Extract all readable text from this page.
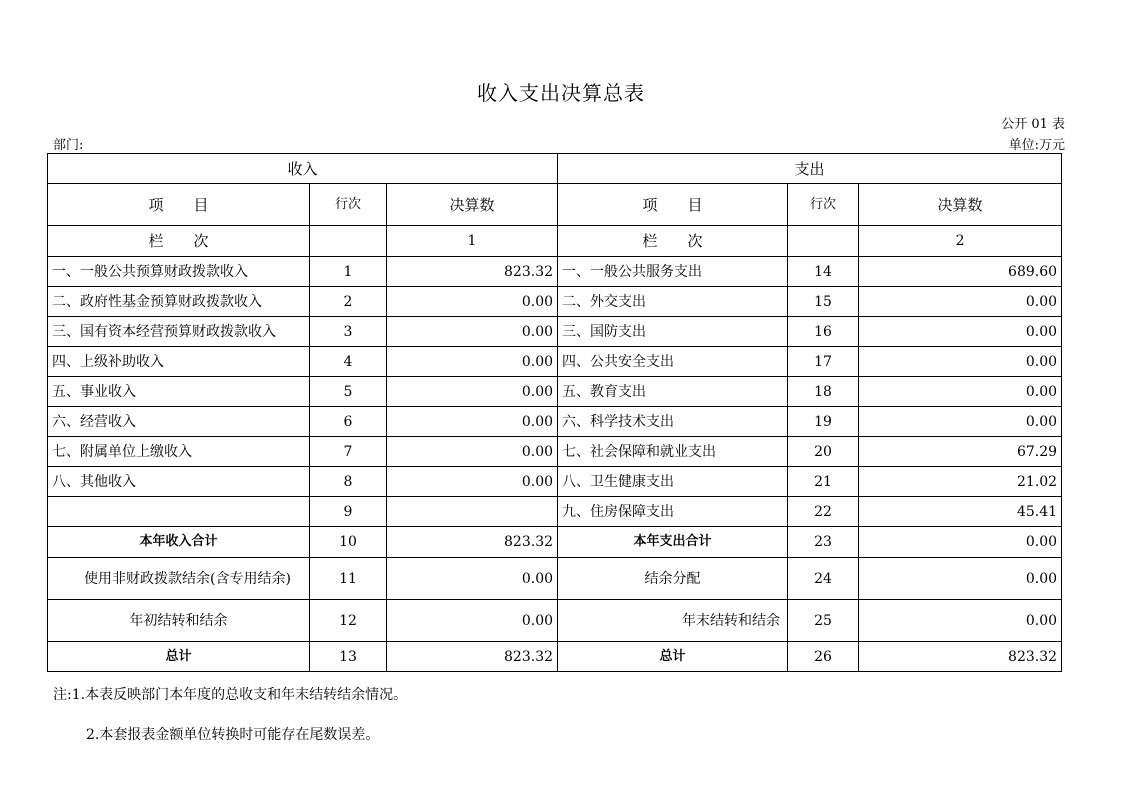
收入支出决算总表
公开 01 表
部门:	单位:万元
收入			支出		
项　　目	行次	决算数	项　　目	行次	决算数
栏　　次		1	栏　　次		2
一、一般公共预算财政拨款收入	1	823.32	一、一般公共服务支出	14	689.60
二、政府性基金预算财政拨款收入	2	0.00	二、外交支出	15	0.00
三、国有资本经营预算财政拨款收入	3	0.00	三、国防支出	16	0.00
四、上级补助收入	4	0.00	四、公共安全支出	17	0.00
五、事业收入	5	0.00	五、教育支出	18	0.00
六、经营收入	6	0.00	六、科学技术支出	19	0.00
七、附属单位上缴收入	7	0.00	七、社会保障和就业支出	20	67.29
八、其他收入	8	0.00	八、卫生健康支出	21	21.02
	9		九、住房保障支出	22	45.41
本年收入合计	10	823.32	本年支出合计	23	0.00
使用非财政拨款结余(含专用结余)	11	0.00	结余分配	24	0.00
年初结转和结余	12	0.00	年末结转和结余	25	0.00
总计	13	823.32	总计	26	823.32
注:1.本表反映部门本年度的总收支和年末结转结余情况。
2.本套报表金额单位转换时可能存在尾数误差。
